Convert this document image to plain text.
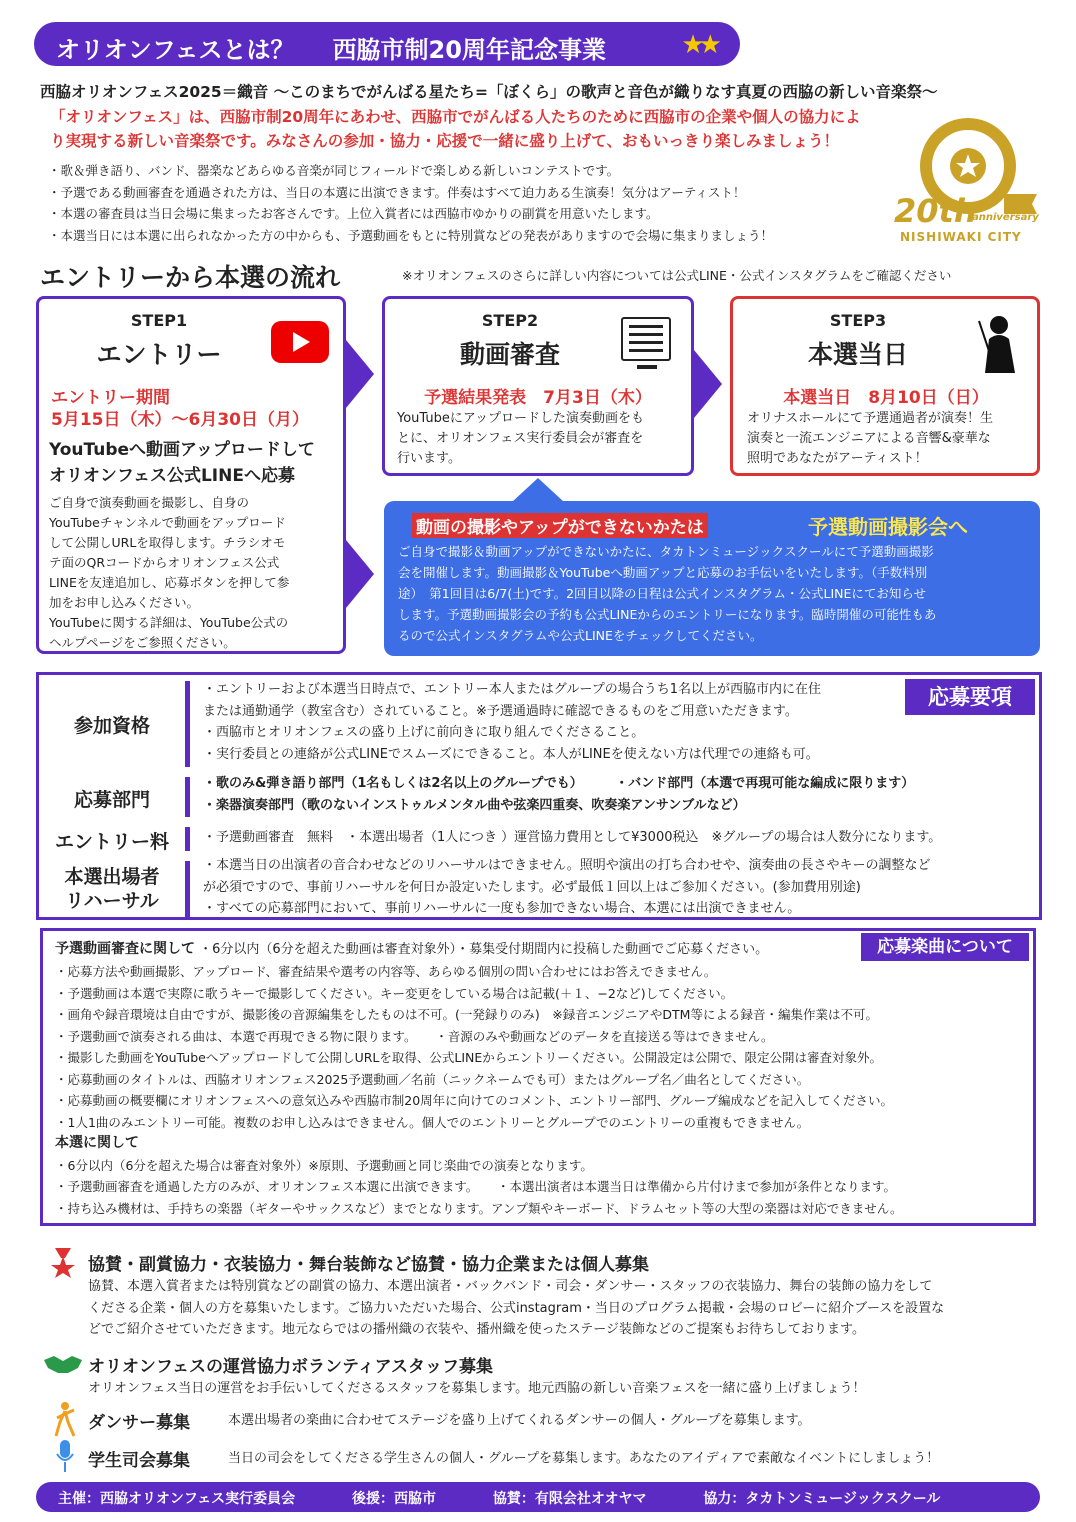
オリオンフェスとは？ 西脇市制20周年記念事業	★★
西脇オリオンフェス2025＝織音 〜このまちでがんばる星たち=「ぼくら」の歌声と音色が織りなす真夏の西脇の新しい音楽祭〜
「オリオンフェス」は、西脇市制20周年にあわせ、西脇市でがんばる人たちのために西脇市の企業や個人の協力によ
り実現する新しい音楽祭です。みなさんの参加・協力・応援で一緒に盛り上げて、おもいっきり楽しみましょう！
・歌＆弾き語り、バンド、器楽などあらゆる音楽が同じフィールドで楽しめる新しいコンテストです。
・予選である動画審査を通過された方は、当日の本選に出演できます。伴奏はすべて迫力ある生演奏！気分はアーティスト！
・本選の審査員は当日会場に集まったお客さんです。上位入賞者には西脇市ゆかりの副賞を用意いたします。
・本選当日には本選に出られなかった方の中からも、予選動画をもとに特別賞などの発表がありますので会場に集まりましょう！
20th
anniversary
NISHIWAKI CITY
エントリーから本選の流れ	※オリオンフェスのさらに詳しい内容については公式LINE・公式インスタグラムをご確認ください
STEP1
エントリー
エントリー期間
5月15日（木）〜6月30日（月）
YouTubeへ動画アップロードして
オリオンフェス公式LINEへ応募
ご自身で演奏動画を撮影し、自身の
YouTubeチャンネルで動画をアップロード
して公開しURLを取得します。チラシオモ
テ面のQRコードからオリオンフェス公式
LINEを友達追加し、応募ボタンを押して参
加をお申し込みください。
YouTubeに関する詳細は、YouTube公式の
ヘルプページをご参照ください。
STEP2
動画審査
予選結果発表　7月3日（木）
YouTubeにアップロードした演奏動画をも
とに、オリオンフェス実行委員会が審査を
行います。
STEP3
本選当日
本選当日　8月10日（日）
オリナスホールにて予選通過者が演奏！生
演奏と一流エンジニアによる音響&豪華な
照明であなたがアーティスト！
動画の撮影やアップができないかたは	予選動画撮影会へ
ご自身で撮影＆動画アップができないかたに、タカトンミュージックスクールにて予選動画撮影
会を開催します。動画撮影＆YouTubeへ動画アップと応募のお手伝いをいたします。（手数料別
途）　第1回目は6/7(土)です。2回目以降の日程は公式インスタグラム・公式LINEにてお知らせ
します。予選動画撮影会の予約も公式LINEからのエントリーになります。臨時開催の可能性もあ
るので公式インスタグラムや公式LINEをチェックしてください。
応募要項
参加資格
・エントリーおよび本選当日時点で、エントリー本人またはグループの場合うち1名以上が西脇市内に在住
または通勤通学（教室含む）されていること。※予選通過時に確認できるものをご用意いただきます。
・西脇市とオリオンフェスの盛り上げに前向きに取り組んでくださること。
・実行委員との連絡が公式LINEでスムーズにできること。本人がLINEを使えない方は代理での連絡も可。
応募部門
・歌のみ&弾き語り部門（1名もしくは2名以上のグループでも）　　　・バンド部門（本選で再現可能な編成に限ります）
・楽器演奏部門（歌のないインストゥルメンタル曲や弦楽四重奏、吹奏楽アンサンブルなど）
エントリー料	・予選動画審査　無料　・本選出場者（1人につき ）運営協力費用として¥3000税込　※グループの場合は人数分になります。
本選出場者
リハーサル
・本選当日の出演者の音合わせなどのリハーサルはできません。照明や演出の打ち合わせや、演奏曲の長さやキーの調整など
が必須ですので、事前リハーサルを何日か設定いたします。必ず最低１回以上はご参加ください。(参加費用別途)
・すべての応募部門において、事前リハーサルに一度も参加できない場合、本選には出演できません。
応募楽曲について
予選動画審査に関して ・6分以内（6分を超えた動画は審査対象外）・募集受付期間内に投稿した動画でご応募ください。
・応募方法や動画撮影、アップロード、審査結果や選考の内容等、あらゆる個別の問い合わせにはお答えできません。
・予選動画は本選で実際に歌うキーで撮影してください。キー変更をしている場合は記載(＋１、−2など)してください。
・画角や録音環境は自由ですが、撮影後の音源編集をしたものは不可。(一発録りのみ)　※録音エンジニアやDTM等による録音・編集作業は不可。
・予選動画で演奏される曲は、本選で再現できる物に限ります。　　・音源のみや動画などのデータを直接送る等はできません。
・撮影した動画をYouTubeへアップロードして公開しURLを取得、公式LINEからエントリーください。公開設定は公開で、限定公開は審査対象外。
・応募動画のタイトルは、西脇オリオンフェス2025予選動画／名前（ニックネームでも可）またはグループ名／曲名としてください。
・応募動画の概要欄にオリオンフェスへの意気込みや西脇市制20周年に向けてのコメント、エントリー部門、グループ編成などを記入してください。
・1人1曲のみエントリー可能。複数のお申し込みはできません。個人でのエントリーとグループでのエントリーの重複もできません。
本選に関して
・6分以内（6分を超えた場合は審査対象外）※原則、予選動画と同じ楽曲での演奏となります。
・予選動画審査を通過した方のみが、オリオンフェス本選に出演できます。　　・本選出演者は本選当日は準備から片付けまで参加が条件となります。
・持ち込み機材は、手持ちの楽器（ギターやサックスなど）までとなります。アンプ類やキーボード、ドラムセット等の大型の楽器は対応できません。
協賛・副賞協力・衣装協力・舞台装飾など協賛・協力企業または個人募集
協賛、本選入賞者または特別賞などの副賞の協力、本選出演者・バックバンド・司会・ダンサー・スタッフの衣装協力、舞台の装飾の協力をして
くださる企業・個人の方を募集いたします。ご協力いただいた場合、公式instagram・当日のプログラム掲載・会場のロビーに紹介ブースを設置な
どでご紹介させていただきます。地元ならではの播州織の衣装や、播州織を使ったステージ装飾などのご提案もお待ちしております。
オリオンフェスの運営協力ボランティアスタッフ募集
オリオンフェス当日の運営をお手伝いしてくださるスタッフを募集します。地元西脇の新しい音楽フェスを一緒に盛り上げましょう！
ダンサー募集	本選出場者の楽曲に合わせてステージを盛り上げてくれるダンサーの個人・グループを募集します。
学生司会募集	当日の司会をしてくださる学生さんの個人・グループを募集します。あなたのアイディアで素敵なイベントにしましょう！
主催：西脇オリオンフェス実行委員会	後援：西脇市	協賛：有限会社オオヤマ	協力：タカトンミュージックスクール
